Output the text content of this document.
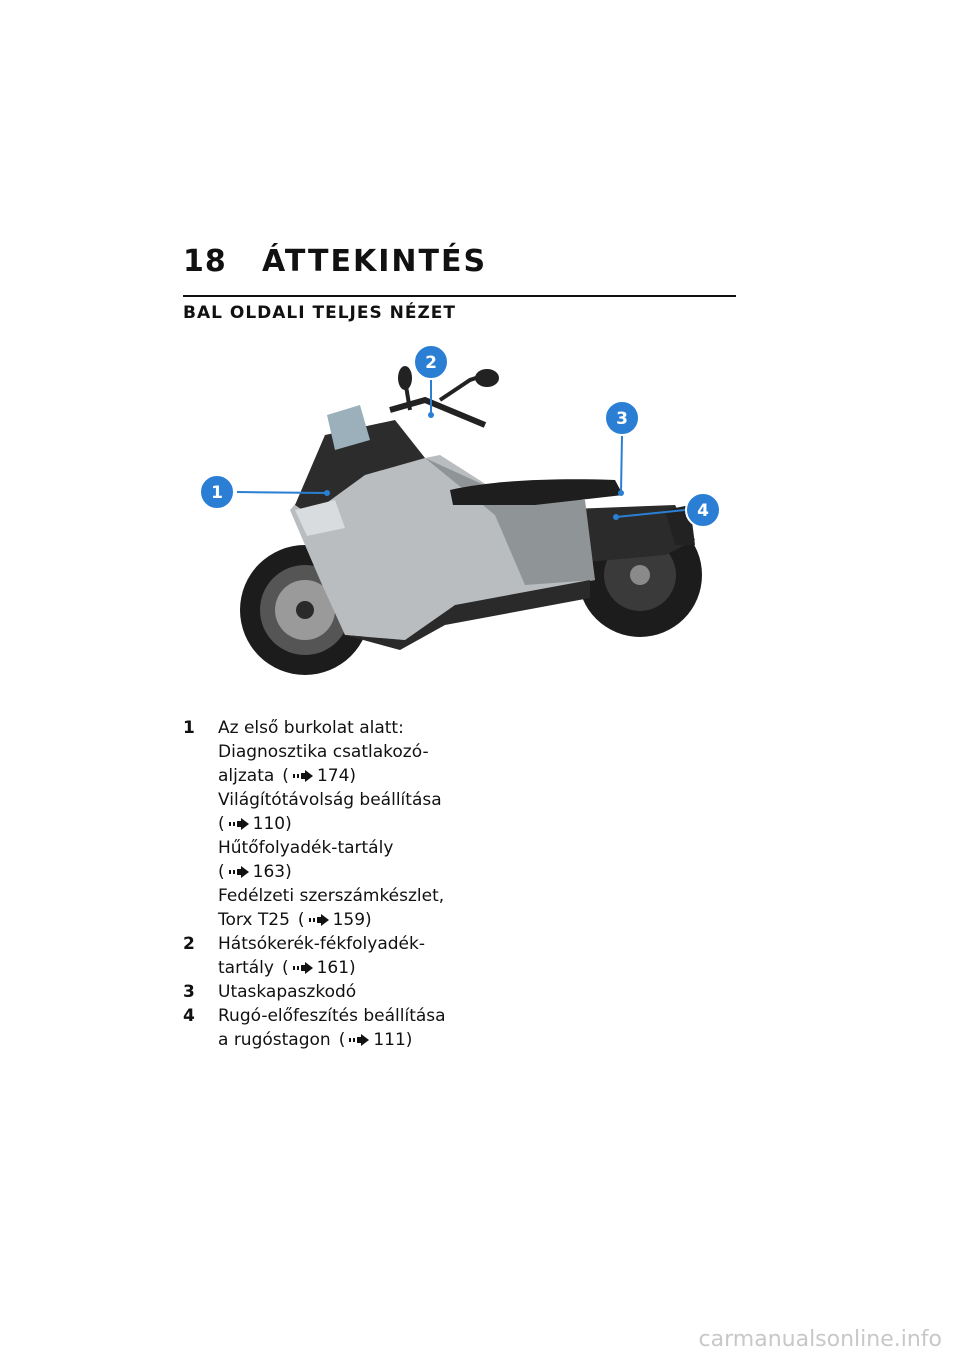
18 ÁTTEKINTÉS
BAL OLDALI TELJES NÉZET
1
2
3
4
1 Az első burkolat alatt:
Diagnosztika csatlakozó-
aljzata ( 174)
Világítótávolság beállítása
( 110)
Hűtőfolyadék-tartály
( 163)
Fedélzeti szerszámkészlet,
Torx T25 ( 159)
2 Hátsókerék-fékfolyadék-
tartály ( 161)
3 Utaskapaszkodó
4 Rugó-előfeszítés beállítása
a rugóstagon ( 111)
carmanualsonline.info
